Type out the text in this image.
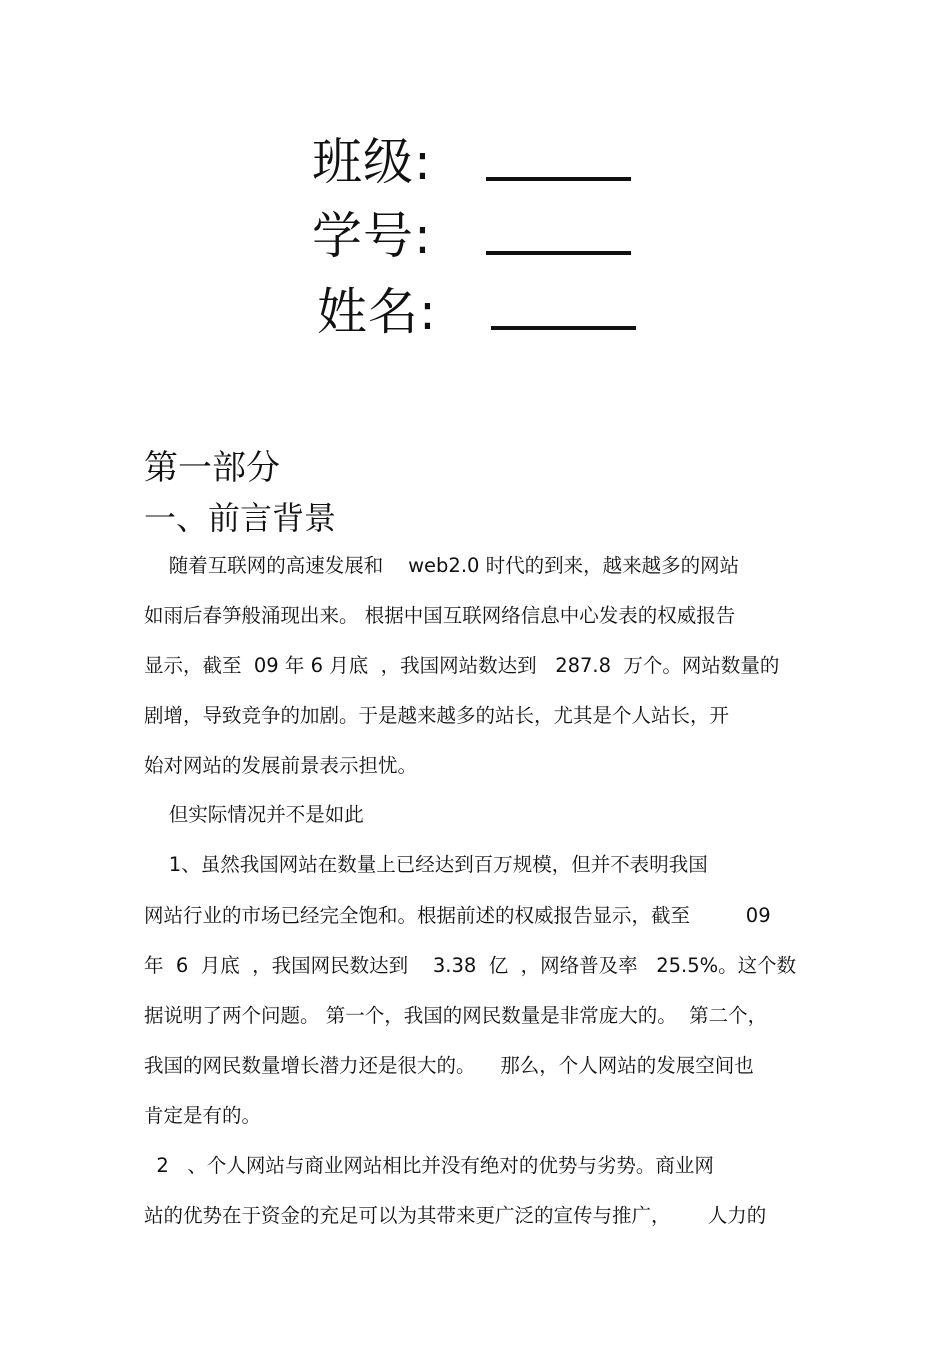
班级:
学号:
姓名:
第一部分
一、前言背景
随着互联网的高速发展和    web2.0 时代的到来，越来越多的网站
如雨后春笋般涌现出来。 根据中国互联网络信息中心发表的权威报告
显示，截至  09 年 6 月底  ，我国网站数达到   287.8  万个。网站数量的
剧增，导致竞争的加剧。于是越来越多的站长，尤其是个人站长，开
始对网站的发展前景表示担忧。
但实际情况并不是如此
1、虽然我国网站在数量上已经达到百万规模，但并不表明我国
网站行业的市场已经完全饱和。根据前述的权威报告显示，截至         09
年  6  月底  ，我国网民数达到    3.38  亿  ，网络普及率   25.5%。这个数
据说明了两个问题。 第一个，我国的网民数量是非常庞大的。  第二个，
我国的网民数量增长潜力还是很大的。    那么，个人网站的发展空间也
肯定是有的。
2   、个人网站与商业网站相比并没有绝对的优势与劣势。商业网
站的优势在于资金的充足可以为其带来更广泛的宣传与推广，      人力的
